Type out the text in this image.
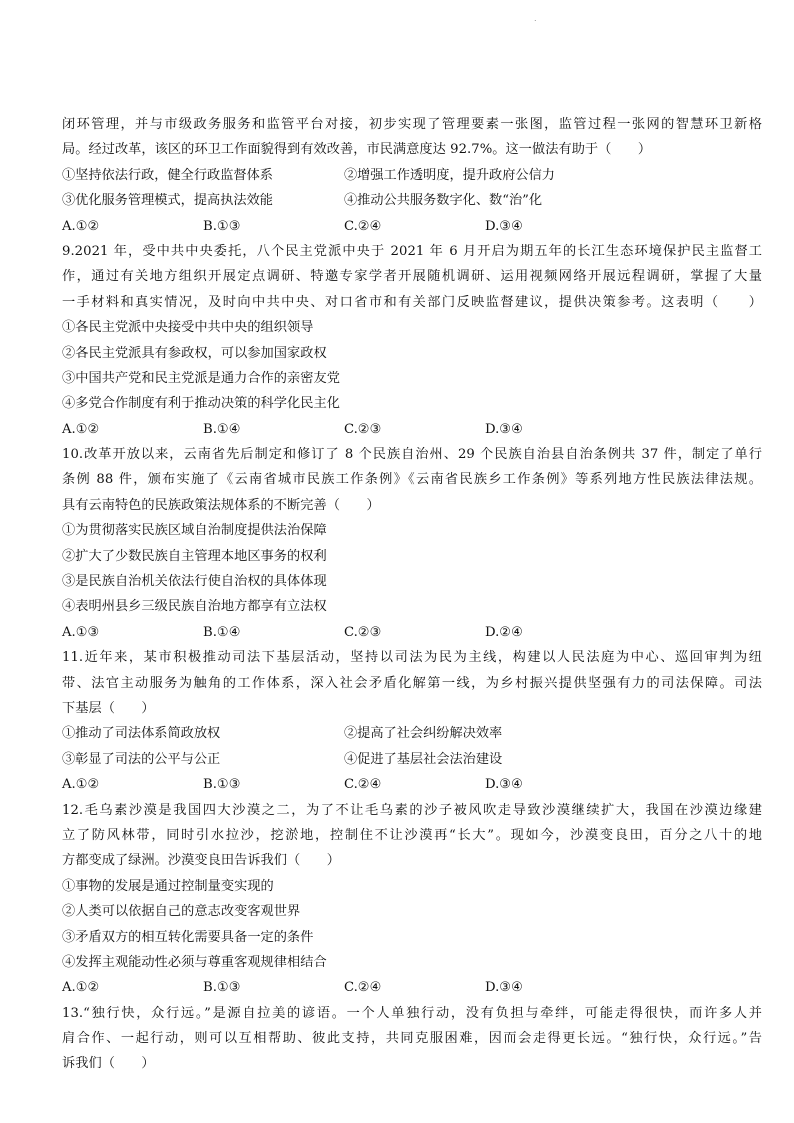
.
闭环管理，并与市级政务服务和监管平台对接，初步实现了管理要素一张图，监管过程一张网的智慧环卫新格
局。经过改革，该区的环卫工作面貌得到有效改善，市民满意度达 92.7%。这一做法有助于（　　）
①坚持依法行政，健全行政监督体系	②增强工作透明度，提升政府公信力
③优化服务管理模式，提高执法效能	④推动公共服务数字化、数“治”化
A.①②	B.①③	C.②④	D.③④
9.2021 年，受中共中央委托，八个民主党派中央于 2021 年 6 月开启为期五年的长江生态环境保护民主监督工
作，通过有关地方组织开展定点调研、特邀专家学者开展随机调研、运用视频网络开展远程调研，掌握了大量
一手材料和真实情况，及时向中共中央、对口省市和有关部门反映监督建议，提供决策参考。这表明（　　）
①各民主党派中央接受中共中央的组织领导
②各民主党派具有参政权，可以参加国家政权
③中国共产党和民主党派是通力合作的亲密友党
④多党合作制度有利于推动决策的科学化民主化
A.①②	B.①④	C.②③	D.③④
10.改革开放以来，云南省先后制定和修订了 8 个民族自治州、29 个民族自治县自治条例共 37 件，制定了单行
条例 88 件，颁布实施了《云南省城市民族工作条例》《云南省民族乡工作条例》等系列地方性民族法律法规。
具有云南特色的民族政策法规体系的不断完善（　　）
①为贯彻落实民族区域自治制度提供法治保障
②扩大了少数民族自主管理本地区事务的权利
③是民族自治机关依法行使自治权的具体体现
④表明州县乡三级民族自治地方都享有立法权
A.①③	B.①④	C.②③	D.②④
11.近年来，某市积极推动司法下基层活动，坚持以司法为民为主线，构建以人民法庭为中心、巡回审判为纽
带、法官主动服务为触角的工作体系，深入社会矛盾化解第一线，为乡村振兴提供坚强有力的司法保障。司法
下基层（　　）
①推动了司法体系简政放权	②提高了社会纠纷解决效率
③彰显了司法的公平与公正	④促进了基层社会法治建设
A.①②	B.①③	C.②④	D.③④
12.毛乌素沙漠是我国四大沙漠之二，为了不让毛乌素的沙子被风吹走导致沙漠继续扩大，我国在沙漠边缘建
立了防风林带，同时引水拉沙，挖淤地，控制住不让沙漠再“长大”。现如今，沙漠变良田，百分之八十的地
方都变成了绿洲。沙漠变良田告诉我们（　　）
①事物的发展是通过控制量变实现的
②人类可以依据自己的意志改变客观世界
③矛盾双方的相互转化需要具备一定的条件
④发挥主观能动性必须与尊重客观规律相结合
A.①②	B.①③	C.②④	D.③④
13.“独行快，众行远。”是源自拉美的谚语。一个人单独行动，没有负担与牵绊，可能走得很快，而许多人并
肩合作、一起行动，则可以互相帮助、彼此支持，共同克服困难，因而会走得更长远。“独行快，众行远。”告
诉我们（　　）
